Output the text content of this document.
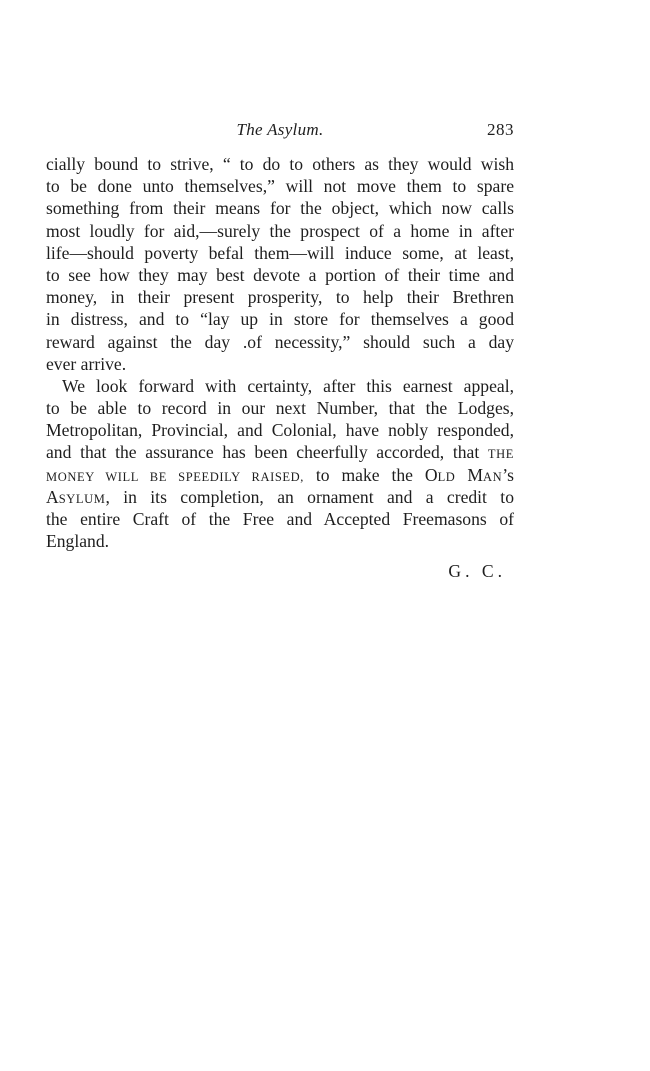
The Asylum.	283
cially bound to strive, “ to do to others as they would wish
to be done unto themselves,” will not move them to spare
something from their means for the object, which now calls
most loudly for aid,—surely the prospect of a home in after
life—should poverty befal them—will induce some, at least,
to see how they may best devote a portion of their time and
money, in their present prosperity, to help their Brethren
in distress, and to “lay up in store for themselves a good
reward against the day .of necessity,” should such a day
ever arrive.
We look forward with certainty, after this earnest appeal,
to be able to record in our next Number, that the Lodges,
Metropolitan, Provincial, and Colonial, have nobly responded,
and that the assurance has been cheerfully accorded, that THE
MONEY WILL BE SPEEDILY RAISED, to make the OLD MAN’s
ASYLUM, in its completion, an ornament and a credit to
the entire Craft of the Free and Accepted Freemasons of
England.
G. C.
